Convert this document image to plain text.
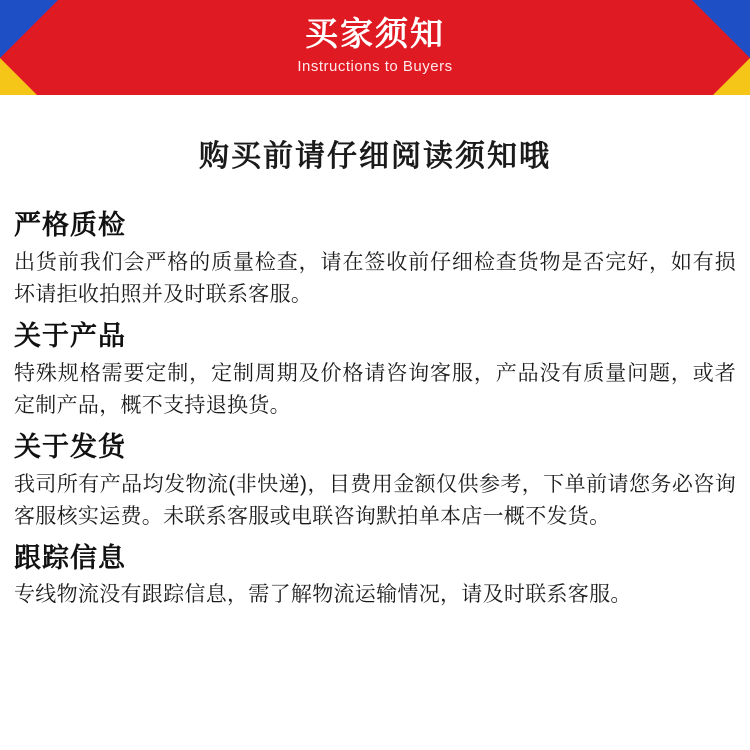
买家须知
Instructions to Buyers
购买前请仔细阅读须知哦
严格质检
出货前我们会严格的质量检查，请在签收前仔细检查货物是否完好，如有损坏请拒收拍照并及时联系客服。
关于产品
特殊规格需要定制，定制周期及价格请咨询客服，产品没有质量问题，或者定制产品，概不支持退换货。
关于发货
我司所有产品均发物流(非快递)，目费用金额仅供参考，下单前请您务必咨询客服核实运费。未联系客服或电联咨询默拍单本店一概不发货。
跟踪信息
专线物流没有跟踪信息，需了解物流运输情况，请及时联系客服。
